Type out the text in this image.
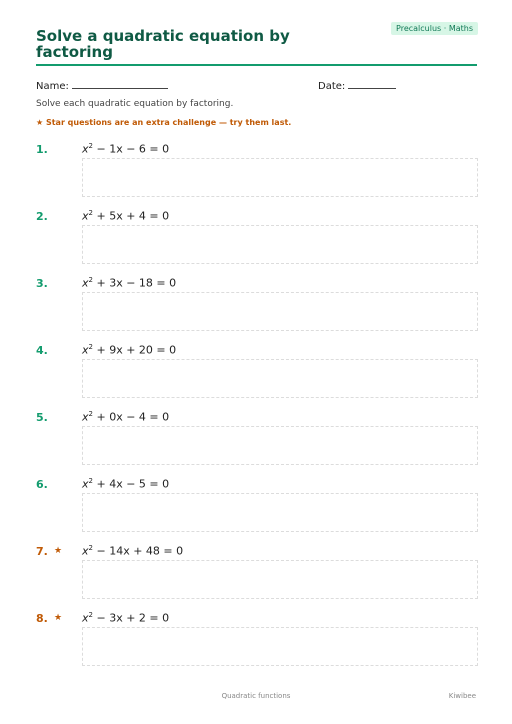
Solve a quadratic equation by factoring
Precalculus · Maths
Name:	Date:
Solve each quadratic equation by factoring.
★ Star questions are an extra challenge — try them last.
1.	$x^2 - 1x - 6 = 0$
2.	$x^2 + 5x + 4 = 0$
3.	$x^2 + 3x - 18 = 0$
4.	$x^2 + 9x + 20 = 0$
5.	$x^2 + 0x - 4 = 0$
6.	$x^2 + 4x - 5 = 0$
7. ★ $x^2 - 14x + 48 = 0$
8. ★ $x^2 - 3x + 2 = 0$
Quadratic functions	Kiwibee
